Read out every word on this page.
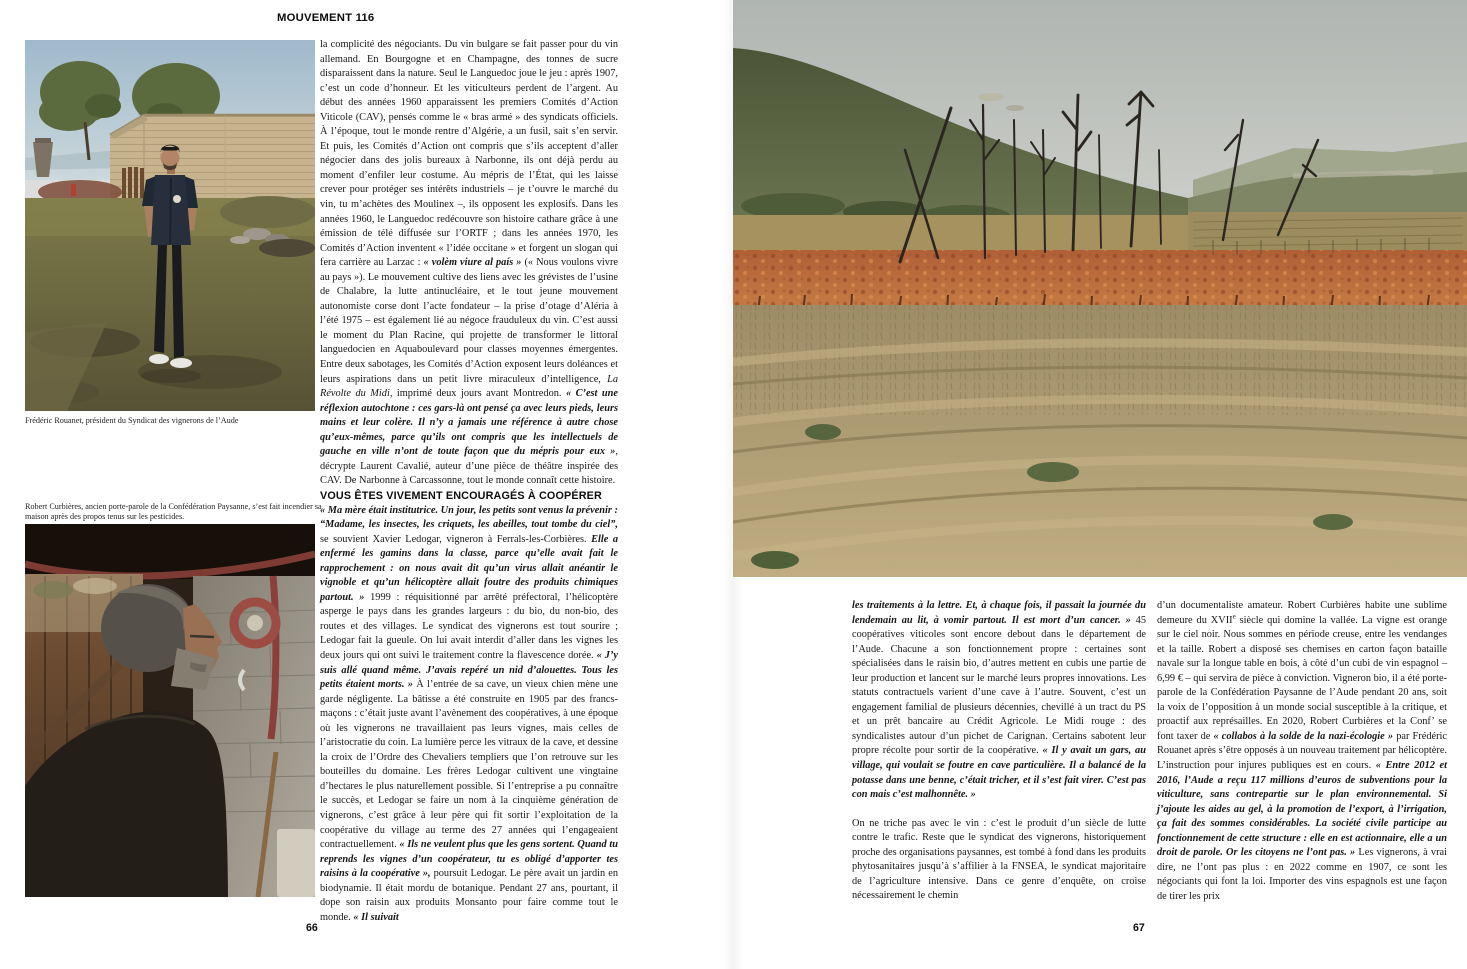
MOUVEMENT 116
Frédéric Rouanet, président du Syndicat des vignerons de l’Aude
Robert Curbières, ancien porte-parole de la Confédération Paysanne, s’est fait incendier sa maison après des propos tenus sur les pesticides.

la complicité des négociants. Du vin bulgare se fait passer pour du vin allemand. En Bourgogne et en Champagne, des tonnes de sucre disparaissent dans la nature. Seul le Languedoc joue le jeu : après 1907, c’est un code d’honneur. Et les viticulteurs perdent de l’argent. Au début des années 1960 apparaissent les premiers Comités d’Action Viticole (CAV), pensés comme le « bras armé » des syndicats officiels. À l’époque, tout le monde rentre d’Algérie, a un fusil, sait s’en servir. Et puis, les Comités d’Action ont compris que s’ils acceptent d’aller négocier dans des jolis bureaux à Narbonne, ils ont déjà perdu au moment d’enfiler leur costume. Au mépris de l’État, qui les laisse crever pour protéger ses intérêts industriels – je t’ouvre le marché du vin, tu m’achètes des Moulinex –, ils opposent les explosifs. Dans les années 1960, le Languedoc redécouvre son histoire cathare grâce à une émission de télé diffusée sur l’ORTF ; dans les années 1970, les Comités d’Action inventent « l’idée occitane » et forgent un slogan qui fera carrière au Larzac : « volèm viure al país » (« Nous voulons vivre au pays »). Le mouvement cultive des liens avec les grévistes de l’usine de Chalabre, la lutte antinucléaire, et le tout jeune mouvement autonomiste corse dont l’acte fondateur – la prise d’otage d’Aléria à l’été 1975 – est également lié au négoce frauduleux du vin. C’est aussi le moment du Plan Racine, qui projette de transformer le littoral languedocien en Aquaboulevard pour classes moyennes émergentes. Entre deux sabotages, les Comités d’Action exposent leurs doléances et leurs aspirations dans un petit livre miraculeux d’intelligence, La Révolte du Midi, imprimé deux jours avant Montredon. « C’est une réflexion autochtone : ces gars-là ont pensé ça avec leurs pieds, leurs mains et leur colère. Il n’y a jamais une référence à autre chose qu’eux-mêmes, parce qu’ils ont compris que les intellectuels de gauche en ville n’ont de toute façon que du mépris pour eux », décrypte Laurent Cavalié, auteur d’une pièce de théâtre inspirée des CAV. De Narbonne à Carcassonne, tout le monde connaît cette histoire.

VOUS ÊTES VIVEMENT ENCOURAGÉS À COOPÉRER

« Ma mère était institutrice. Un jour, les petits sont venus la prévenir : “Madame, les insectes, les criquets, les abeilles, tout tombe du ciel”, se souvient Xavier Ledogar, vigneron à Ferrals-les-Corbières. Elle a enfermé les gamins dans la classe, parce qu’elle avait fait le rapprochement : on nous avait dit qu’un virus allait anéantir le vignoble et qu’un hélicoptère allait foutre des produits chimiques partout. » 1999 : réquisitionné par arrêté préfectoral, l’hélicoptère asperge le pays dans les grandes largeurs : du bio, du non-bio, des routes et des villages. Le syndicat des vignerons est tout sourire ; Ledogar fait la gueule. On lui avait interdit d’aller dans les vignes les deux jours qui ont suivi le traitement contre la flavescence dorée. « J’y suis allé quand même. J’avais repéré un nid d’alouettes. Tous les petits étaient morts. » À l’entrée de sa cave, un vieux chien mène une garde négligente. La bâtisse a été construite en 1905 par des francs-maçons : c’était juste avant l’avènement des coopératives, à une époque où les vignerons ne travaillaient pas leurs vignes, mais celles de l’aristocratie du coin. La lumière perce les vitraux de la cave, et dessine la croix de l’Ordre des Chevaliers templiers que l’on retrouve sur les bouteilles du domaine. Les frères Ledogar cultivent une vingtaine d’hectares le plus naturellement possible. Si l’entreprise a pu connaître le succès, et Ledogar se faire un nom à la cinquième génération de vignerons, c’est grâce à leur père qui fit sortir l’exploitation de la coopérative du village au terme des 27 années qui l’engageaient contractuellement. « Ils ne veulent plus que les gens sortent. Quand tu reprends les vignes d’un coopérateur, tu es obligé d’apporter tes raisins à la coopérative », poursuit Ledogar. Le père avait un jardin en biodynamie. Il était mordu de botanique. Pendant 27 ans, pourtant, il dope son raisin aux produits Monsanto pour faire comme tout le monde. « Il suivait

les traitements à la lettre. Et, à chaque fois, il passait la journée du lendemain au lit, à vomir partout. Il est mort d’un cancer. » 45 coopératives viticoles sont encore debout dans le département de l’Aude. Chacune a son fonctionnement propre : certaines sont spécialisées dans le raisin bio, d’autres mettent en cubis une partie de leur production et lancent sur le marché leurs propres innovations. Les statuts contractuels varient d’une cave à l’autre. Souvent, c’est un engagement familial de plusieurs décennies, chevillé à un tract du PS et un prêt bancaire au Crédit Agricole. Le Midi rouge : des syndicalistes autour d’un pichet de Carignan. Certains sabotent leur propre récolte pour sortir de la coopérative. « Il y avait un gars, au village, qui voulait se foutre en cave particulière. Il a balancé de la potasse dans une benne, c’était tricher, et il s’est fait virer. C’est pas con mais c’est malhonnête. »

On ne triche pas avec le vin : c’est le produit d’un siècle de lutte contre le trafic. Reste que le syndicat des vignerons, historiquement proche des organisations paysannes, est tombé à fond dans les produits phytosanitaires jusqu’à s’affilier à la FNSEA, le syndicat majoritaire de l’agriculture intensive. Dans ce genre d’enquête, on croise nécessairement le chemin

d’un documentaliste amateur. Robert Curbières habite une sublime demeure du XVIIe siècle qui domine la vallée. La vigne est orange sur le ciel noir. Nous sommes en période creuse, entre les vendanges et la taille. Robert a disposé ses chemises en carton façon bataille navale sur la longue table en bois, à côté d’un cubi de vin espagnol – 6,99 € – qui servira de pièce à conviction. Vigneron bio, il a été porte-parole de la Confédération Paysanne de l’Aude pendant 20 ans, soit la voix de l’opposition à un monde social susceptible à la critique, et proactif aux représailles. En 2020, Robert Curbières et la Conf’ se font taxer de « collabos à la solde de la nazi-écologie » par Frédéric Rouanet après s’être opposés à un nouveau traitement par hélicoptère. L’instruction pour injures publiques est en cours. « Entre 2012 et 2016, l’Aude a reçu 117 millions d’euros de subventions pour la viticulture, sans contrepartie sur le plan environnemental. Si j’ajoute les aides au gel, à la promotion de l’export, à l’irrigation, ça fait des sommes considérables. La société civile participe au fonctionnement de cette structure : elle en est actionnaire, elle a un droit de parole. Or les citoyens ne l’ont pas. » Les vignerons, à vrai dire, ne l’ont pas plus : en 2022 comme en 1907, ce sont les négociants qui font la loi. Importer des vins espagnols est une façon de tirer les prix

66	67
